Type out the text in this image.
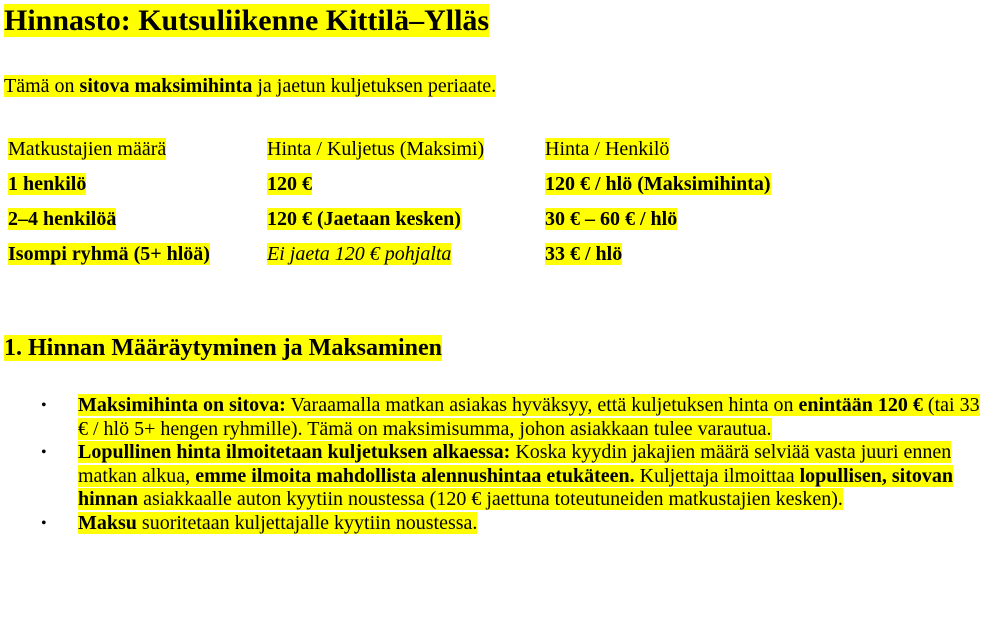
Hinnasto: Kutsuliikenne Kittilä–Ylläs

Tämä on sitova maksimihinta ja jaetun kuljetuksen periaate.

Matkustajien määrä	Hinta / Kuljetus (Maksimi)	Hinta / Henkilö
1 henkilö	120 €	120 € / hlö (Maksimihinta)
2–4 henkilöä	120 € (Jaetaan kesken)	30 € – 60 € / hlö
Isompi ryhmä (5+ hlöä)	Ei jaeta 120 € pohjalta	33 € / hlö
1. Hinnan Määräytyminen ja Maksaminen
• Maksimihinta on sitova: Varaamalla matkan asiakas hyväksyy, että kuljetuksen hinta on enintään 120 € (tai 33 € / hlö 5+ hengen ryhmille). Tämä on maksimisumma, johon asiakkaan tulee varautua.
• Lopullinen hinta ilmoitetaan kuljetuksen alkaessa: Koska kyydin jakajien määrä selviää vasta juuri ennen matkan alkua, emme ilmoita mahdollista alennushintaa etukäteen. Kuljettaja ilmoittaa lopullisen, sitovan hinnan asiakkaalle auton kyytiin noustessa (120 € jaettuna toteutuneiden matkustajien kesken).
• Maksu suoritetaan kuljettajalle kyytiin noustessa.
